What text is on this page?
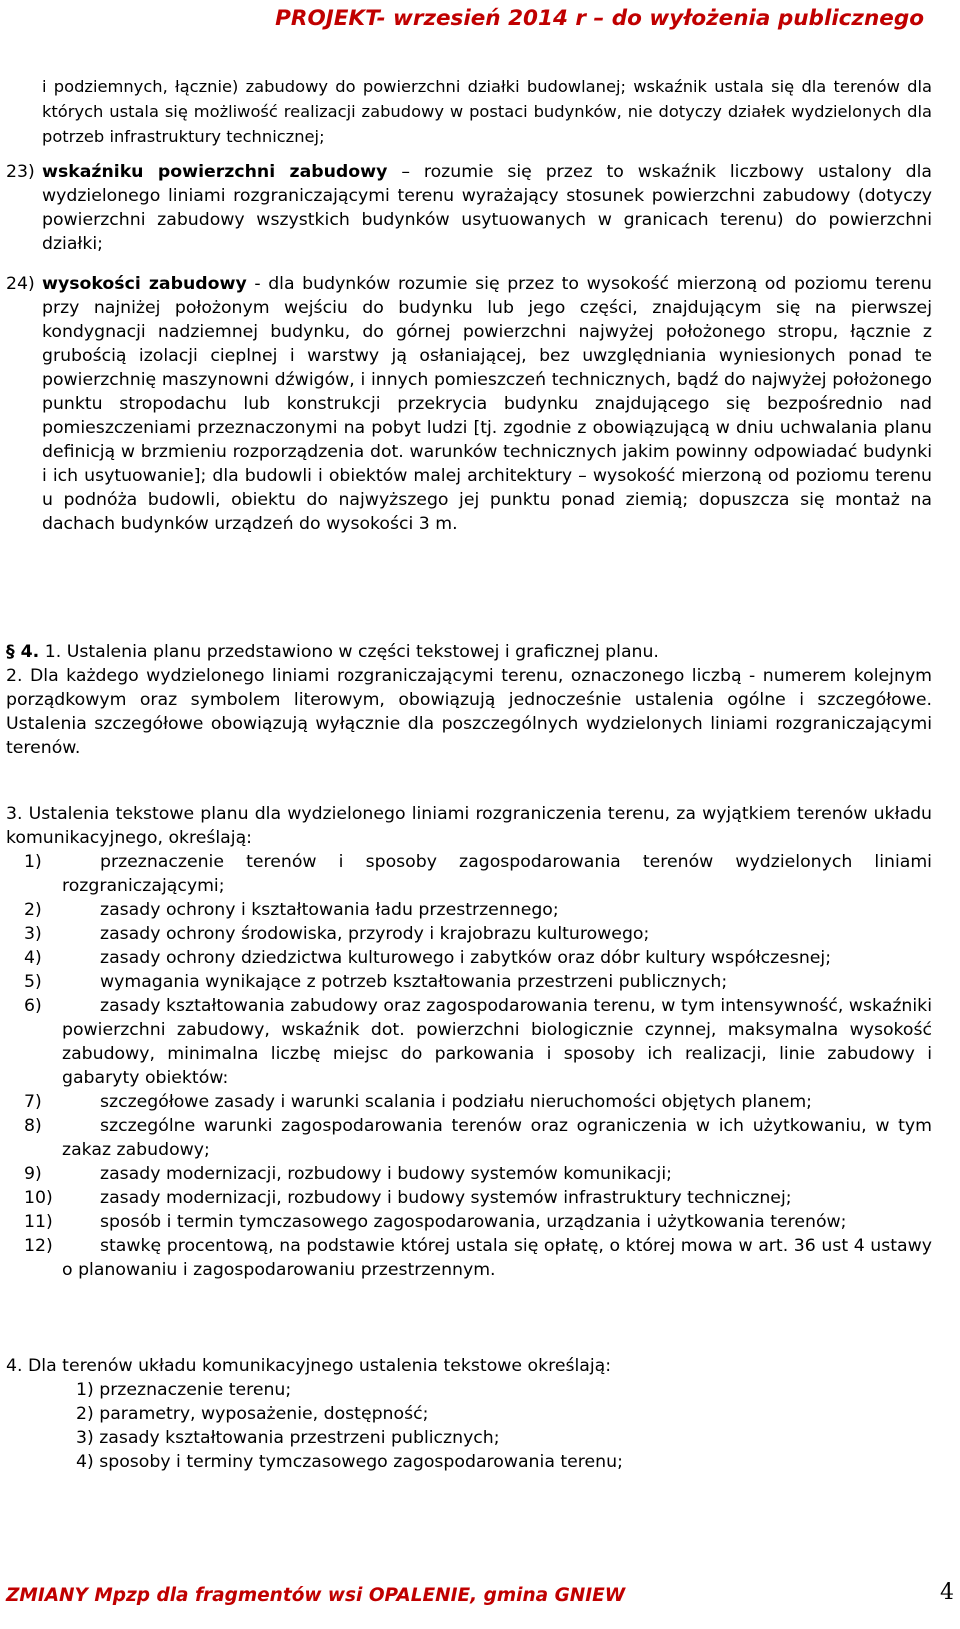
PROJEKT- wrzesień 2014 r – do wyłożenia publicznego
i podziemnych, łącznie) zabudowy do powierzchni działki budowlanej; wskaźnik ustala się dla terenów dla których ustala się możliwość realizacji zabudowy w postaci budynków, nie dotyczy działek wydzielonych dla potrzeb infrastruktury technicznej;
23) wskaźniku powierzchni zabudowy – rozumie się przez to wskaźnik liczbowy ustalony dla wydzielonego liniami rozgraniczającymi terenu wyrażający stosunek powierzchni zabudowy (dotyczy powierzchni zabudowy wszystkich budynków usytuowanych w granicach terenu) do powierzchni działki;
24) wysokości zabudowy - dla budynków rozumie się przez to wysokość mierzoną od poziomu terenu przy najniżej położonym wejściu do budynku lub jego części, znajdującym się na pierwszej kondygnacji nadziemnej budynku, do górnej powierzchni najwyżej położonego stropu, łącznie z grubością izolacji cieplnej i warstwy ją osłaniającej, bez uwzględniania wyniesionych ponad te powierzchnię maszynowni dźwigów, i innych pomieszczeń technicznych, bądź do najwyżej położonego punktu stropodachu lub konstrukcji przekrycia budynku znajdującego się bezpośrednio nad pomieszczeniami przeznaczonymi na pobyt ludzi [tj. zgodnie z obowiązującą w dniu uchwalania planu definicją w brzmieniu rozporządzenia dot. warunków technicznych jakim powinny odpowiadać budynki i ich usytuowanie]; dla budowli i obiektów malej architektury – wysokość mierzoną od poziomu terenu u podnóża budowli, obiektu do najwyższego jej punktu ponad ziemią; dopuszcza się montaż na dachach budynków urządzeń do wysokości 3 m.
§ 4. 1. Ustalenia planu przedstawiono w części tekstowej i graficznej planu.
2. Dla każdego wydzielonego liniami rozgraniczającymi terenu, oznaczonego liczbą - numerem kolejnym porządkowym oraz symbolem literowym, obowiązują jednocześnie ustalenia ogólne i szczegółowe. Ustalenia szczegółowe obowiązują wyłącznie dla poszczególnych wydzielonych liniami rozgraniczającymi terenów.
3. Ustalenia tekstowe planu dla wydzielonego liniami rozgraniczenia terenu, za wyjątkiem terenów układu komunikacyjnego, określają:
1)	przeznaczenie terenów i sposoby zagospodarowania terenów wydzielonych liniami rozgraniczającymi;
2)	zasady ochrony i kształtowania ładu przestrzennego;
3)	zasady ochrony środowiska, przyrody i krajobrazu kulturowego;
4)	zasady ochrony dziedzictwa kulturowego i zabytków oraz dóbr kultury współczesnej;
5)	wymagania wynikające z potrzeb kształtowania przestrzeni publicznych;
6)	zasady kształtowania zabudowy oraz zagospodarowania terenu, w tym intensywność, wskaźniki powierzchni zabudowy, wskaźnik dot. powierzchni biologicznie czynnej, maksymalna wysokość zabudowy, minimalna liczbę miejsc do parkowania i sposoby ich realizacji, linie zabudowy i gabaryty obiektów:
7)	szczegółowe zasady i warunki scalania i podziału nieruchomości objętych planem;
8)	szczególne warunki zagospodarowania terenów oraz ograniczenia w ich użytkowaniu, w tym zakaz zabudowy;
9)	zasady modernizacji, rozbudowy i budowy systemów komunikacji;
10)	zasady modernizacji, rozbudowy i budowy systemów infrastruktury technicznej;
11)	sposób i termin tymczasowego zagospodarowania, urządzania i użytkowania terenów;
12)	stawkę procentową, na podstawie której ustala się opłatę, o której mowa w art. 36 ust 4 ustawy o planowaniu i zagospodarowaniu przestrzennym.
4. Dla terenów układu komunikacyjnego ustalenia tekstowe określają:
1) przeznaczenie terenu;
2) parametry, wyposażenie, dostępność;
3) zasady kształtowania przestrzeni publicznych;
4) sposoby i terminy tymczasowego zagospodarowania terenu;
ZMIANY Mpzp dla fragmentów wsi OPALENIE, gmina GNIEW	4
